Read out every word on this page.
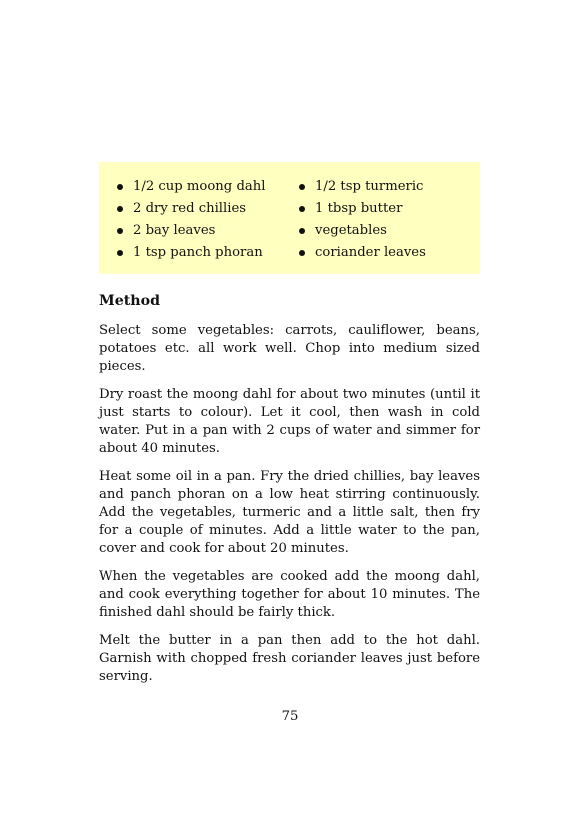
1/2 cup moong dahl
2 dry red chillies
2 bay leaves
1 tsp panch phoran
1/2 tsp turmeric
1 tbsp butter
vegetables
coriander leaves
Method

Select some vegetables: carrots, cauliflower, beans, potatoes etc. all work well. Chop into medium sized pieces.

Dry roast the moong dahl for about two minutes (until it just starts to colour). Let it cool, then wash in cold water. Put in a pan with 2 cups of water and simmer for about 40 minutes.

Heat some oil in a pan. Fry the dried chillies, bay leaves and panch phoran on a low heat stirring continuously. Add the vegetables, turmeric and a little salt, then fry for a couple of minutes. Add a little water to the pan, cover and cook for about 20 minutes.

When the vegetables are cooked add the moong dahl, and cook everything together for about 10 minutes. The finished dahl should be fairly thick.

Melt the butter in a pan then add to the hot dahl. Garnish with chopped fresh coriander leaves just before serving.

75
